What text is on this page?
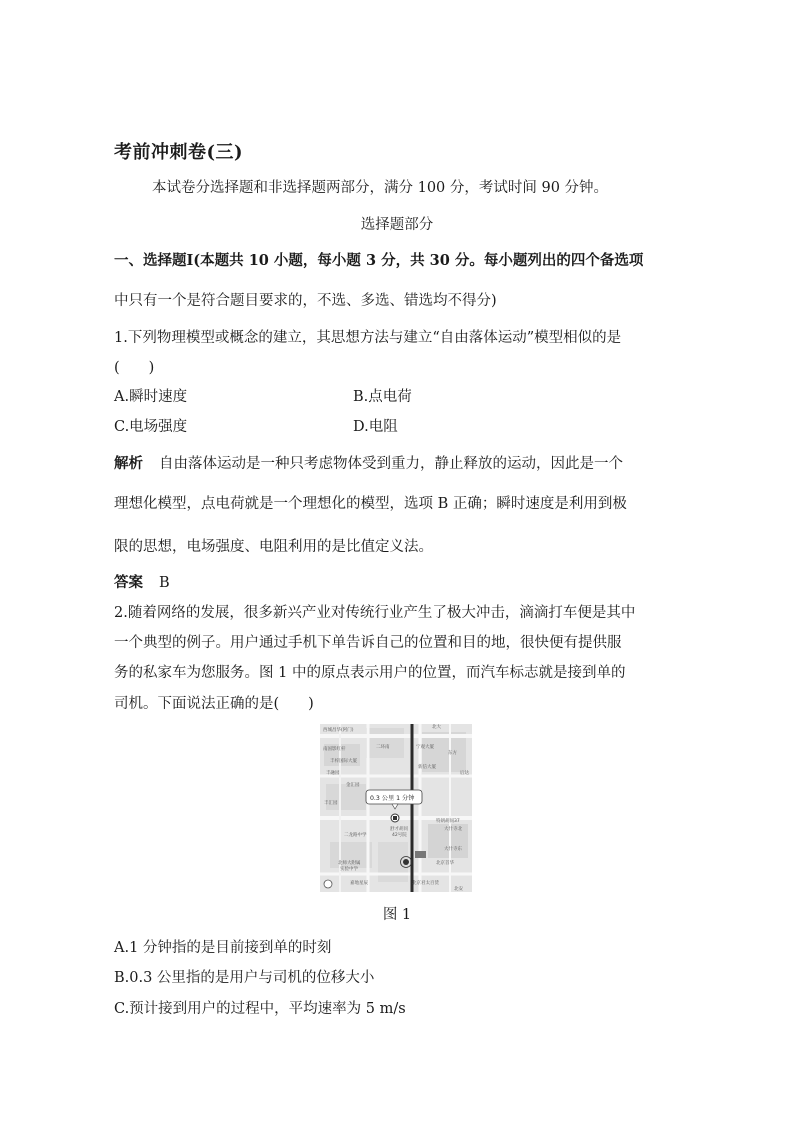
考前冲刺卷(三)
本试卷分选择题和非选择题两部分，满分 100 分，考试时间 90 分钟。
选择题部分
一、选择题Ⅰ(本题共 10 小题，每小题 3 分，共 30 分。每小题列出的四个备选项
中只有一个是符合题目要求的，不选、多选、错选均不得分)
1.下列物理模型或概念的建立，其思想方法与建立“自由落体运动”模型相似的是
(　　)
A.瞬时速度	B.点电荷
C.电场强度	D.电阻
解析 自由落体运动是一种只考虑物体受到重力，静止释放的运动，因此是一个
理想化模型，点电荷就是一个理想化的模型，选项 B 正确；瞬时速度是利用到极
限的思想，电场强度、电阻利用的是比值定义法。
答案 B
2.随着网络的发展，很多新兴产业对传统行业产生了极大冲击，滴滴打车便是其中
一个典型的例子。用户通过手机下单告诉自己的位置和目的地，很快便有提供服
务的私家车为您服务。图 1 中的原点表示用户的位置，而汽车标志就是接到单的
司机。下面说法正确的是(　　)
西城昌华(阿门)
南国影红杆
丰梓国际大厦
丰融园
金汇园
丰汇园
二龙路中学
北师大附属
实验中学
嘉地星辰	北京君太百货
北安
大什寺东
大什寺北
特朗胡同37
北京首华
舒才胡同
42号院
东方
后达
二环南	宁观大厦
新信大厦
北大
0.3 公里 1 分钟
图 1
A.1 分钟指的是目前接到单的时刻
B.0.3 公里指的是用户与司机的位移大小
C.预计接到用户的过程中，平均速率为 5 m/s
